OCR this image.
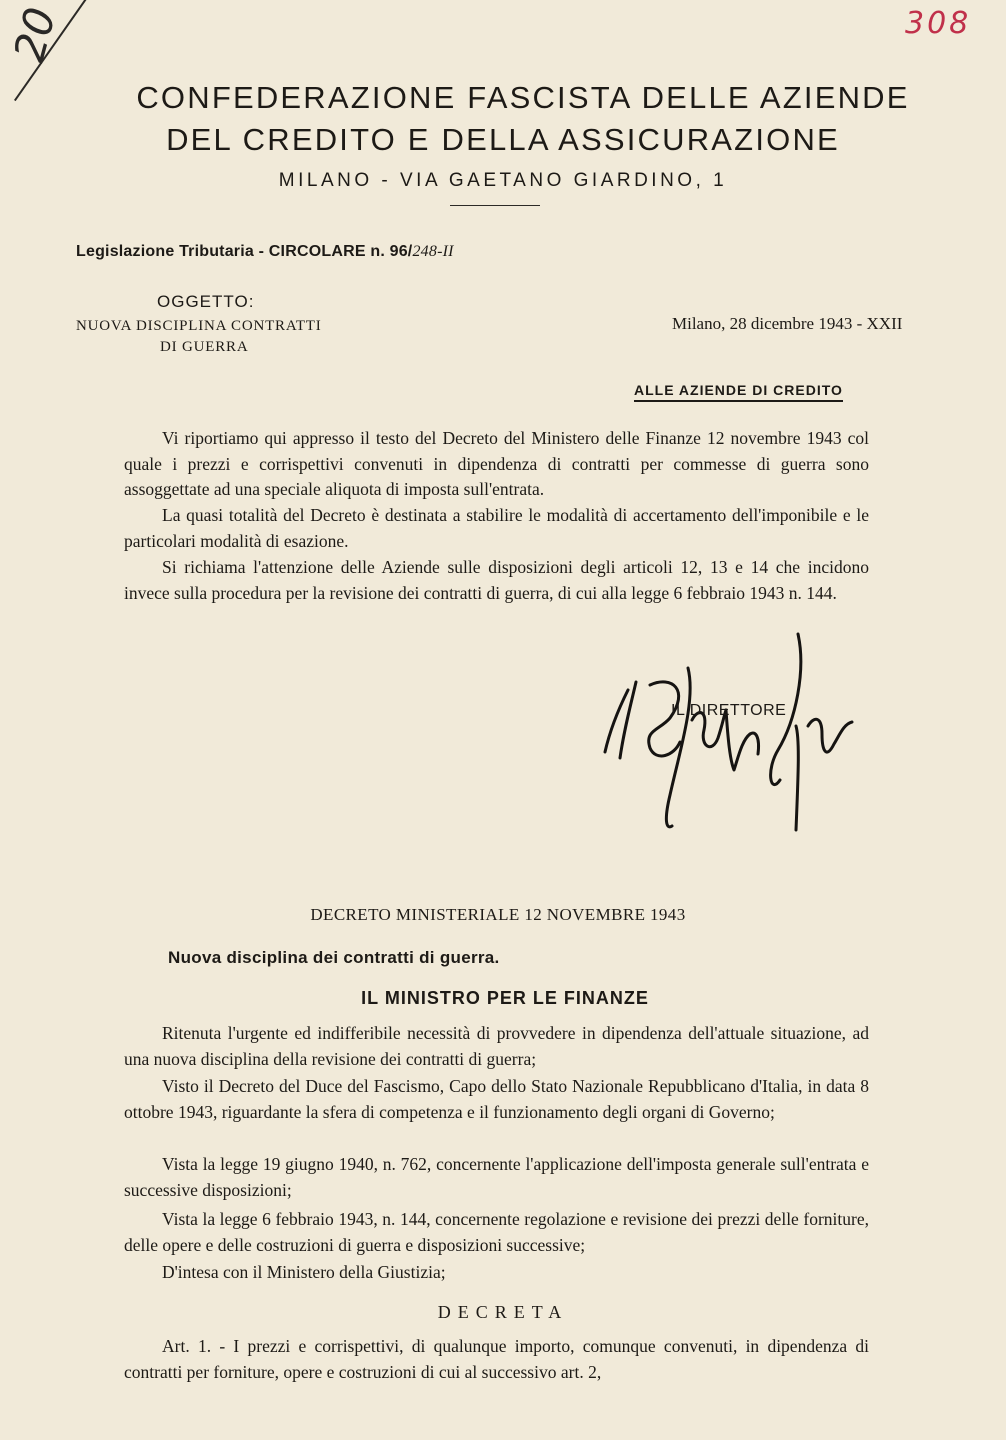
20	308
CONFEDERAZIONE FASCISTA DELLE AZIENDE
DEL CREDITO E DELLA ASSICURAZIONE
MILANO - VIA GAETANO GIARDINO, 1
Legislazione Tributaria - CIRCOLARE n. 96/248-II
OGGETTO:
NUOVA DISCIPLINA CONTRATTI
DI GUERRA
Milano, 28 dicembre 1943 - XXII
ALLE AZIENDE DI CREDITO
Vi riportiamo qui appresso il testo del Decreto del Ministero delle Finanze 12 novembre 1943 col quale i prezzi e corrispettivi convenuti in dipendenza di contratti per commesse di guerra sono assoggettate ad una speciale aliquota di imposta sull'entrata.
La quasi totalità del Decreto è destinata a stabilire le modalità di accertamento dell'imponibile e le particolari modalità di esazione.
Si richiama l'attenzione delle Aziende sulle disposizioni degli articoli 12, 13 e 14 che incidono invece sulla procedura per la revisione dei contratti di guerra, di cui alla legge 6 febbraio 1943 n. 144.
IL DIRETTORE
DECRETO MINISTERIALE 12 NOVEMBRE 1943
Nuova disciplina dei contratti di guerra.
IL MINISTRO PER LE FINANZE
Ritenuta l'urgente ed indifferibile necessità di provvedere in dipendenza dell'attuale situazione, ad una nuova disciplina della revisione dei contratti di guerra;
Visto il Decreto del Duce del Fascismo, Capo dello Stato Nazionale Repubblicano d'Italia, in data 8 ottobre 1943, riguardante la sfera di competenza e il funzionamento degli organi di Governo;
Vista la legge 19 giugno 1940, n. 762, concernente l'applicazione dell'imposta generale sull'entrata e successive disposizioni;
Vista la legge 6 febbraio 1943, n. 144, concernente regolazione e revisione dei prezzi delle forniture, delle opere e delle costruzioni di guerra e disposizioni successive;
D'intesa con il Ministero della Giustizia;
DECRETA
Art. 1. - I prezzi e corrispettivi, di qualunque importo, comunque convenuti, in dipendenza di contratti per forniture, opere e costruzioni di cui al successivo art. 2,
